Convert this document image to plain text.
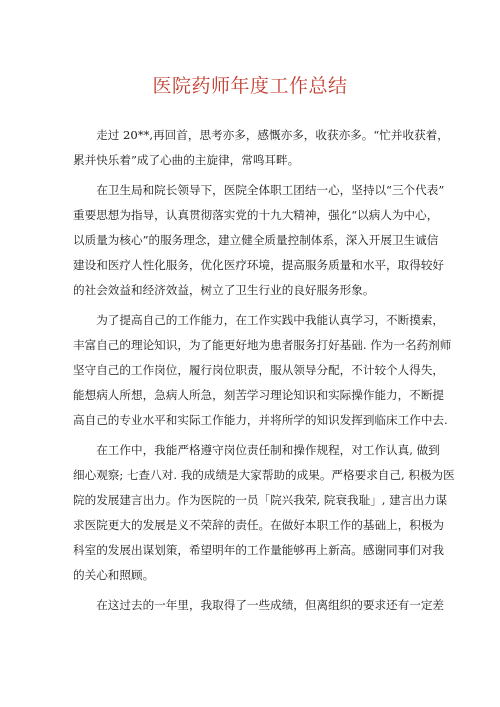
医院药师年度工作总结

走过 20**,再回首，思考亦多，感慨亦多，收获亦多。“忙并收获着，
累并快乐着”成了心曲的主旋律，常鸣耳畔。

在卫生局和院长领导下，医院全体职工团结一心，坚持以“三个代表”
重要思想为指导，认真贯彻落实党的十九大精神，强化“以病人为中心，
以质量为核心”的服务理念，建立健全质量控制体系，深入开展卫生诚信
建设和医疗人性化服务，优化医疗环境，提高服务质量和水平，取得较好
的社会效益和经济效益，树立了卫生行业的良好服务形象。

为了提高自己的工作能力，在工作实践中我能认真学习，不断摸索，
丰富自己的理论知识，为了能更好地为患者服务打好基础. 作为一名药剂师
坚守自己的工作岗位，履行岗位职责，服从领导分配，不计较个人得失，
能想病人所想，急病人所急，刻苦学习理论知识和实际操作能力，不断提
高自己的专业水平和实际工作能力，并将所学的知识发挥到临床工作中去.

在工作中，我能严格遵守岗位责任制和操作规程，对工作认真, 做到
细心观察; 七查八对. 我的成绩是大家帮助的成果。严格要求自己, 积极为医
院的发展建言出力。作为医院的一员「院兴我荣, 院衰我耻」, 建言出力谋
求医院更大的发展是义不荣辞的责任。在做好本职工作的基础上，积极为
科室的发展出谋划策，希望明年的工作量能够再上新高。感谢同事们对我
的关心和照顾。

在这过去的一年里，我取得了一些成绩，但离组织的要求还有一定差
